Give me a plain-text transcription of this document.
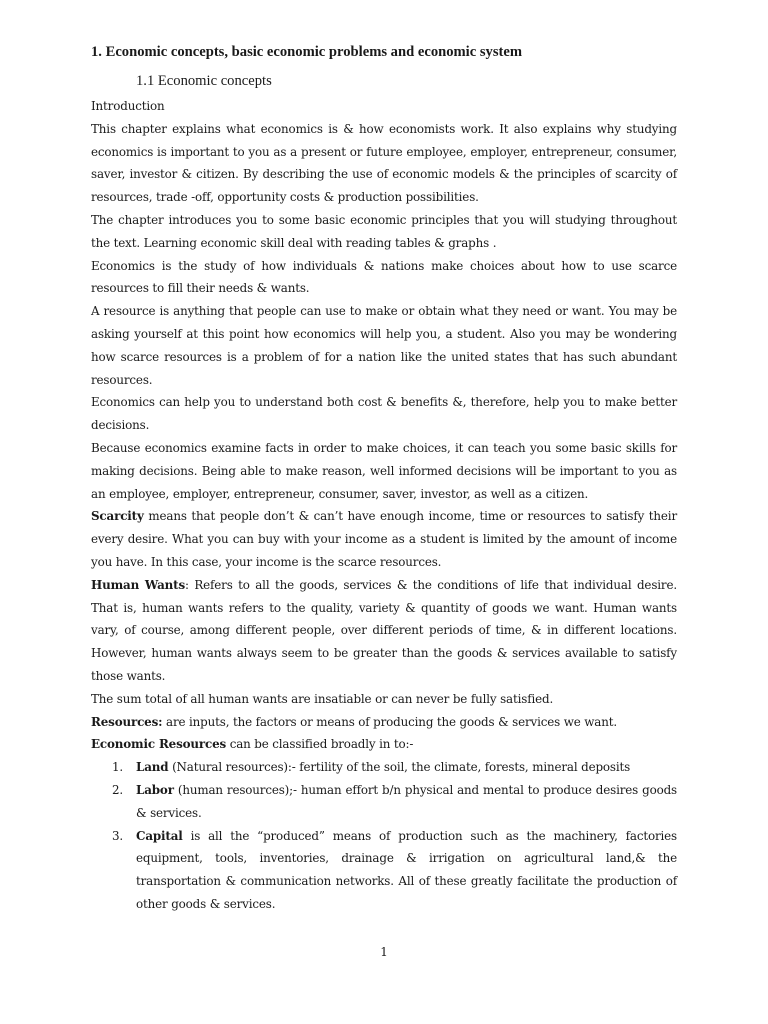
1. Economic concepts, basic economic problems and economic system
1.1 Economic concepts

Introduction

This chapter explains what economics is & how economists work. It also explains why studying economics is important to you as a present or future employee, employer, entrepreneur, consumer, saver, investor & citizen. By describing the use of economic models & the principles of scarcity of resources, trade -off, opportunity costs & production possibilities.

The chapter introduces you to some basic economic principles that you will studying throughout the text. Learning economic skill deal with reading tables & graphs .

Economics is the study of how individuals & nations make choices about how to use scarce resources to fill their needs & wants.

A resource is anything that people can use to make or obtain what they need or want. You may be asking yourself at this point how economics will help you, a student. Also you may be wondering how scarce resources is a problem of for a nation like the united states that has such abundant resources.

Economics can help you to understand both cost & benefits &, therefore, help you to make better decisions.

Because economics examine facts in order to make choices, it can teach you some basic skills for making decisions. Being able to make reason, well informed decisions will be important to you as an employee, employer, entrepreneur, consumer, saver, investor, as well as a citizen.

Scarcity means that people don’t & can’t have enough income, time or resources to satisfy their every desire. What you can buy with your income as a student is limited by the amount of income you have. In this case, your income is the scarce resources.

Human Wants: Refers to all the goods, services & the conditions of life that individual desire. That is, human wants refers to the quality, variety & quantity of goods we want. Human wants vary, of course, among different people, over different periods of time, & in different locations. However, human wants always seem to be greater than the goods & services available to satisfy those wants.

The sum total of all human wants are insatiable or can never be fully satisfied.

Resources: are inputs, the factors or means of producing the goods & services we want.

Economic Resources can be classified broadly in to:-

1. Land (Natural resources):- fertility of the soil, the climate, forests, mineral deposits
2. Labor (human resources);- human effort b/n physical and mental to produce desires goods & services.
3. Capital is all the “produced” means of production such as the machinery, factories equipment, tools, inventories, drainage & irrigation on agricultural land,& the transportation & communication networks. All of these greatly facilitate the production of other goods & services.
1
